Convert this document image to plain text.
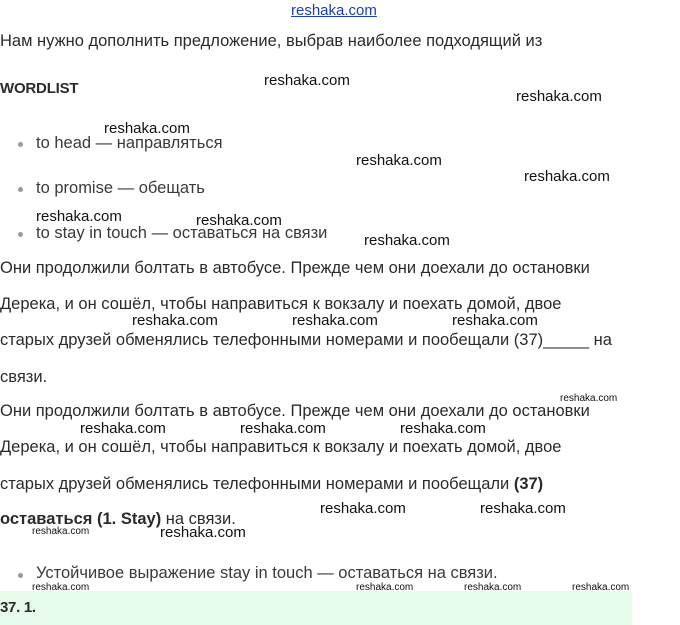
reshaka.com
Нам нужно дополнить предложение, выбрав наиболее подходящий из
WORDLIST
to head — направляться
to promise — обещать
to stay in touch — оставаться на связи
Они продолжили болтать в автобусе. Прежде чем они доехали до остановки
Дерека, и он сошёл, чтобы направиться к вокзалу и поехать домой, двое
старых друзей обменялись телефонными номерами и пообещали (37)_____ на
связи.
Они продолжили болтать в автобусе. Прежде чем они доехали до остановки
Дерека, и он сошёл, чтобы направиться к вокзалу и поехать домой, двое
старых друзей обменялись телефонными номерами и пообещали (37)
оставаться (1. Stay) на связи.
Устойчивое выражение stay in touch — оставаться на связи.
37. 1.
reshaka.com
reshaka.com
reshaka.com
reshaka.com
reshaka.com
reshaka.com	reshaka.com
reshaka.com
reshaka.com	reshaka.com	reshaka.com
reshaka.com
reshaka.com	reshaka.com	reshaka.com
reshaka.com	reshaka.com
reshaka.com	reshaka.com
reshaka.com	reshaka.com	reshaka.com	reshaka.com
